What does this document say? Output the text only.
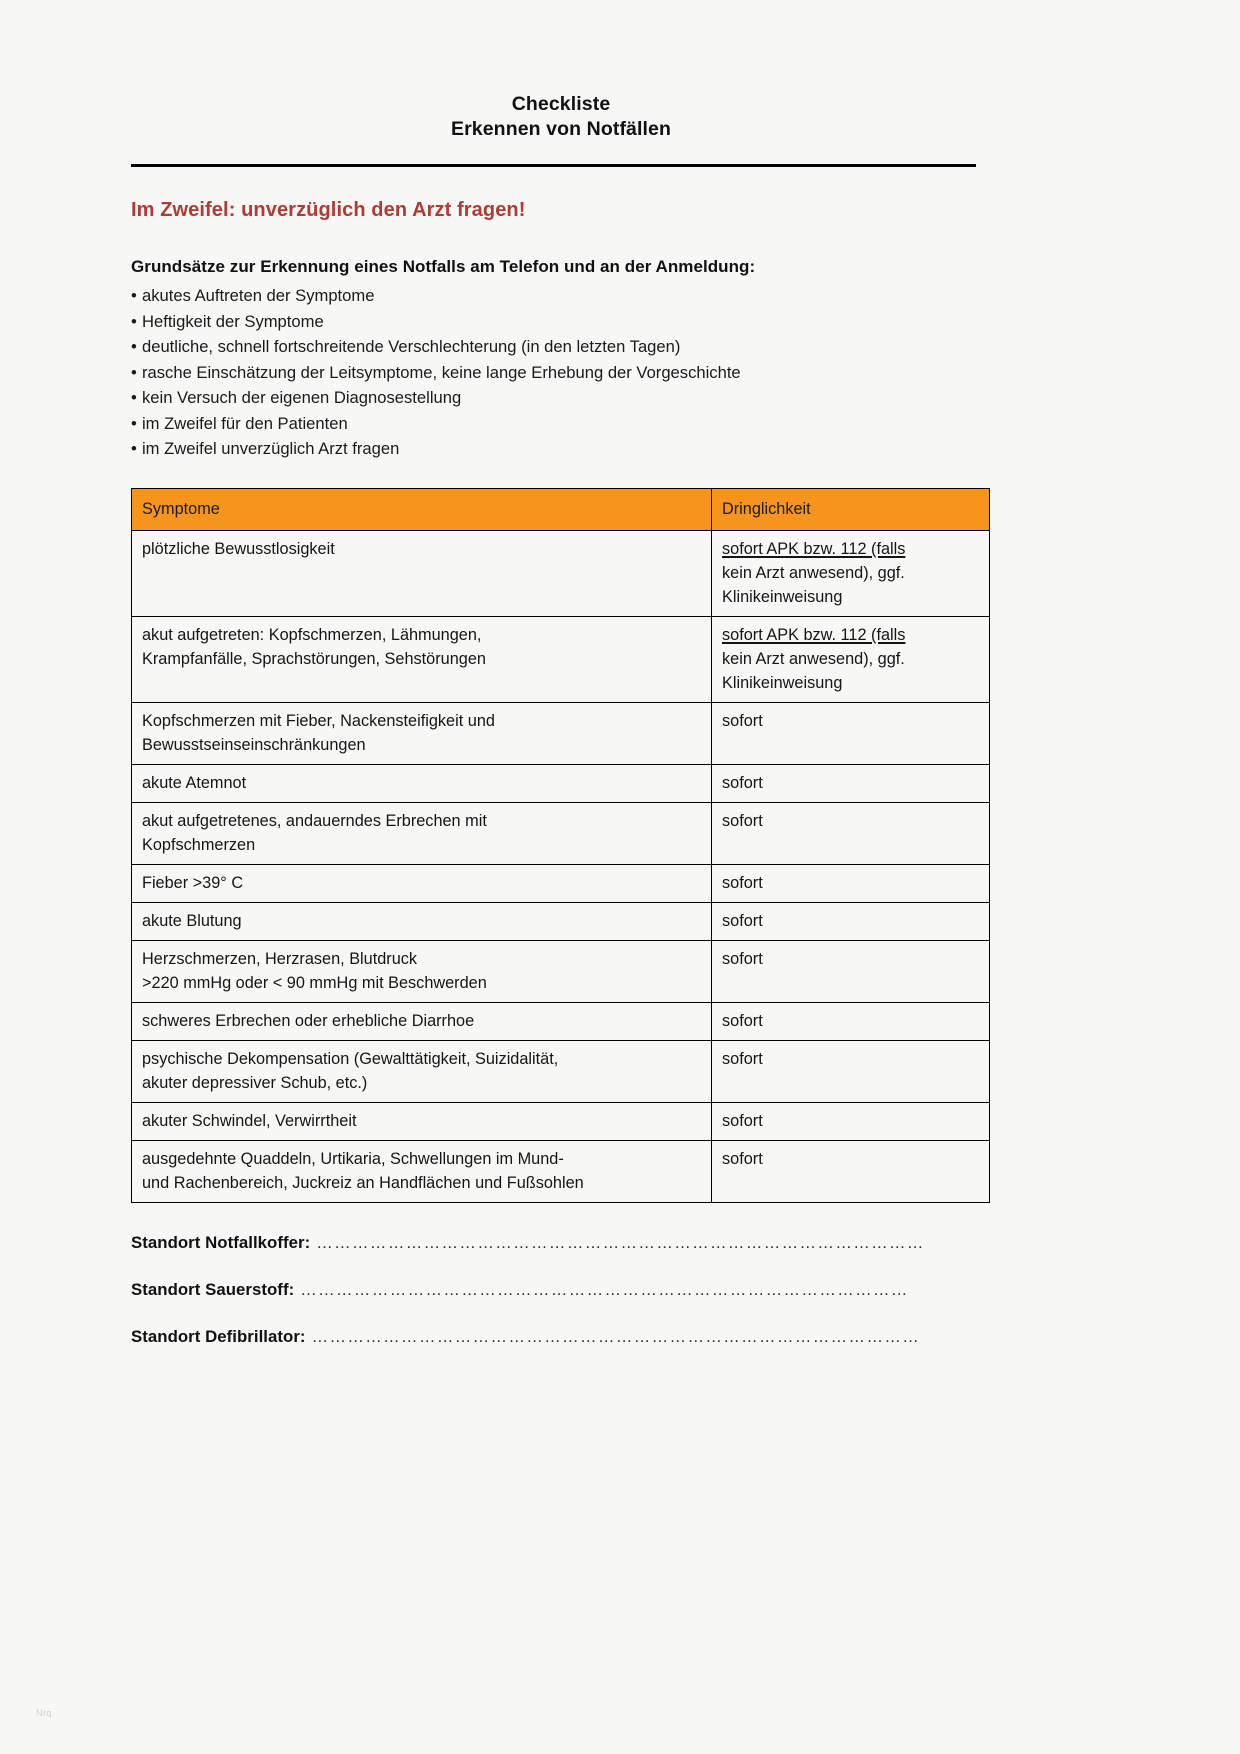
Checkliste
Erkennen von Notfällen
Im Zweifel: unverzüglich den Arzt fragen!
Grundsätze zur Erkennung eines Notfalls am Telefon und an der Anmeldung:
• akutes Auftreten der Symptome
• Heftigkeit der Symptome
• deutliche, schnell fortschreitende Verschlechterung (in den letzten Tagen)
• rasche Einschätzung der Leitsymptome, keine lange Erhebung der Vorgeschichte
• kein Versuch der eigenen Diagnosestellung
• im Zweifel für den Patienten
• im Zweifel unverzüglich Arzt fragen
Symptome	Dringlichkeit

plötzliche Bewusstlosigkeit	sofort APK bzw. 112 (falls
kein Arzt anwesend), ggf.
Klinikeinweisung

akut aufgetreten: Kopfschmerzen, Lähmungen,
Krampfanfälle, Sprachstörungen, Sehstörungen	sofort APK bzw. 112 (falls
kein Arzt anwesend), ggf.
Klinikeinweisung

Kopfschmerzen mit Fieber, Nackensteifigkeit und
Bewusstseinseinschränkungen	sofort

akute Atemnot	sofort

akut aufgetretenes, andauerndes Erbrechen mit
Kopfschmerzen	sofort

Fieber >39° C	sofort

akute Blutung	sofort

Herzschmerzen, Herzrasen, Blutdruck
>220 mmHg oder < 90 mmHg mit Beschwerden	sofort

schweres Erbrechen oder erhebliche Diarrhoe	sofort

psychische Dekompensation (Gewalttätigkeit, Suizidalität,
akuter depressiver Schub, etc.)	sofort

akuter Schwindel, Verwirrtheit	sofort

ausgedehnte Quaddeln, Urtikaria, Schwellungen im Mund-
und Rachenbereich, Juckreiz an Handflächen und Fußsohlen	sofort
Standort Notfallkoffer: …………………………………………………………………………………………
Standort Sauerstoff: …………………………………………………………………………………………
Standort Defibrillator: …………………………………………………………………………………………
Nrq
